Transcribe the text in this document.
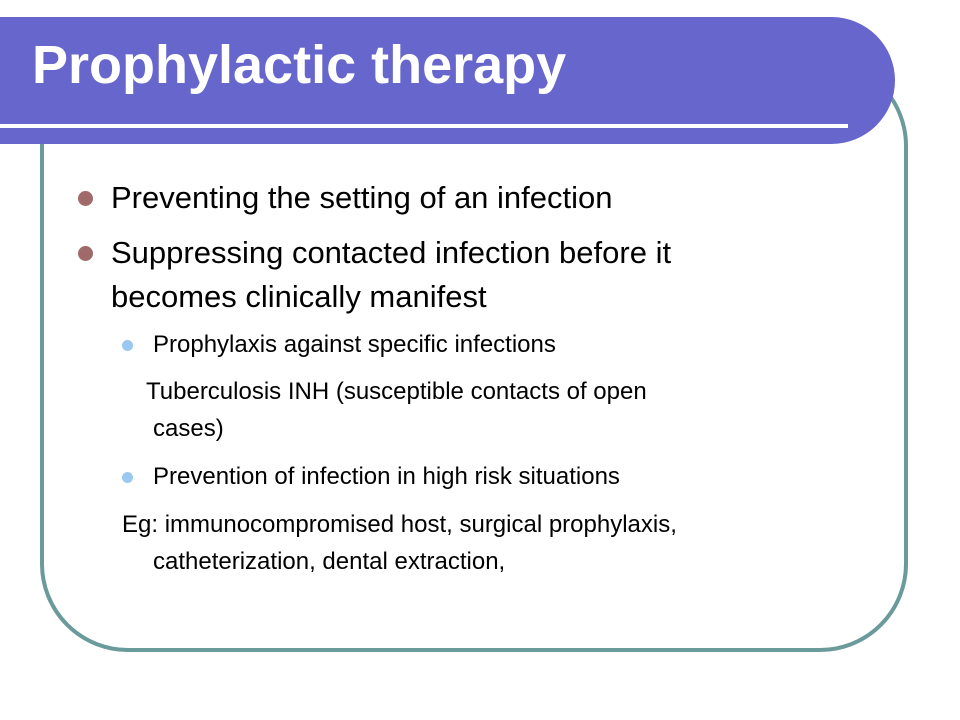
Prophylactic therapy

Preventing the setting of an infection

Suppressing contacted infection before it

becomes clinically manifest

Prophylaxis against specific infections

Tuberculosis INH (susceptible contacts of open

cases)

Prevention of infection in high risk situations

Eg: immunocompromised host, surgical prophylaxis,

catheterization, dental extraction,
